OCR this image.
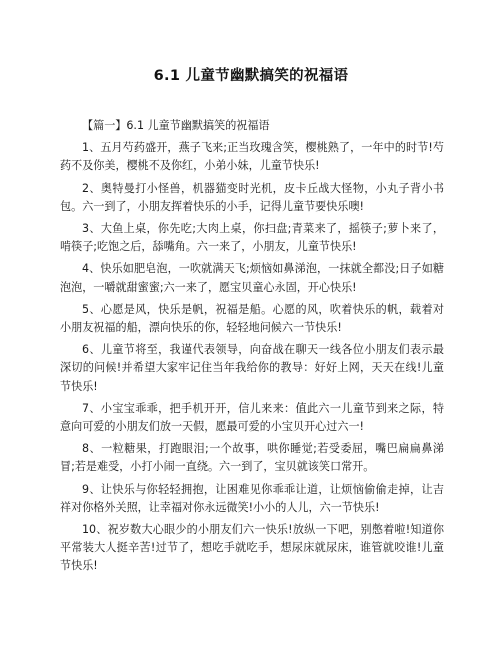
6.1 儿童节幽默搞笑的祝福语

【篇一】6.1 儿童节幽默搞笑的祝福语

1、五月芍药盛开，燕子飞来;正当玫瑰含笑，樱桃熟了，一年中的时节!芍药不及你美，樱桃不及你红，小弟小妹，儿童节快乐!

2、奥特曼打小怪兽，机器猫变时光机，皮卡丘战大怪物，小丸子背小书包。六一到了，小朋友挥着快乐的小手，记得儿童节要快乐噢!

3、大鱼上桌，你先吃;大肉上桌，你扫盘;青菜来了，摇筷子;萝卜来了，啃筷子;吃饱之后，舔嘴角。六一来了，小朋友，儿童节快乐!

4、快乐如肥皂泡，一吹就满天飞;烦恼如鼻涕泡，一抹就全都没;日子如糖泡泡，一嚼就甜蜜蜜;六一来了，愿宝贝童心永固，开心快乐!

5、心愿是风，快乐是帆，祝福是船。心愿的风，吹着快乐的帆，载着对小朋友祝福的船，漂向快乐的你，轻轻地问候六一节快乐!

6、儿童节将至，我谨代表领导，向奋战在聊天一线各位小朋友们表示最深切的问候!并希望大家牢记住当年我给你的教导：好好上网，天天在线!儿童节快乐!

7、小宝宝乖乖，把手机开开，信儿来来：值此六一儿童节到来之际，特意向可爱的小朋友们放一天假，愿最可爱的小宝贝开心过六一!

8、一粒糖果，打跑眼泪;一个故事，哄你睡觉;若受委屈，嘴巴扁扁鼻涕冒;若是难受，小打小闹一直绕。六一到了，宝贝就该笑口常开。

9、让快乐与你轻轻拥抱，让困难见你乖乖让道，让烦恼偷偷走掉，让吉祥对你格外关照，让幸福对你永远微笑!小小的人儿，六一节快乐!

10、祝岁数大心眼少的小朋友们六一快乐!放纵一下吧，别憋着啦!知道你平常装大人挺辛苦!过节了，想吃手就吃手，想尿床就尿床，谁管就咬谁!儿童节快乐!
